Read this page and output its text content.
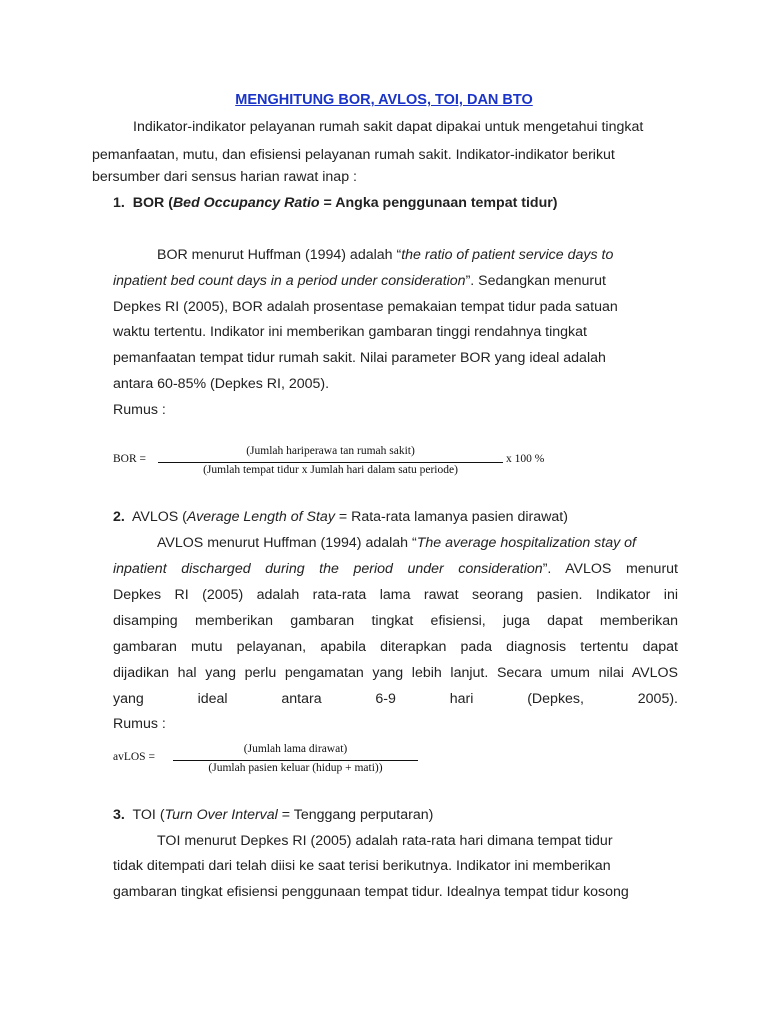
MENGHITUNG BOR, AVLOS, TOI, DAN BTO
Indikator-indikator pelayanan rumah sakit dapat dipakai untuk mengetahui tingkat
pemanfaatan, mutu, dan efisiensi pelayanan rumah sakit. Indikator-indikator berikut
bersumber dari sensus harian rawat inap :
1. BOR (Bed Occupancy Ratio = Angka penggunaan tempat tidur)
BOR menurut Huffman (1994) adalah “the ratio of patient service days to
inpatient bed count days in a period under consideration”. Sedangkan menurut
Depkes RI (2005), BOR adalah prosentase pemakaian tempat tidur pada satuan
waktu tertentu. Indikator ini memberikan gambaran tinggi rendahnya tingkat
pemanfaatan tempat tidur rumah sakit. Nilai parameter BOR yang ideal adalah
antara 60-85% (Depkes RI, 2005).
Rumus :
BOR =
(Jumlah hariperawa tan rumah sakit)
(Jumlah tempat tidur x Jumlah hari dalam satu periode)
x 100 %
2. AVLOS (Average Length of Stay = Rata-rata lamanya pasien dirawat)
AVLOS menurut Huffman (1994) adalah “The average hospitalization stay of
inpatient discharged during the period under consideration”. AVLOS menurut
Depkes RI (2005) adalah rata-rata lama rawat seorang pasien. Indikator ini
disamping memberikan gambaran tingkat efisiensi, juga dapat memberikan
gambaran mutu pelayanan, apabila diterapkan pada diagnosis tertentu dapat
dijadikan hal yang perlu pengamatan yang lebih lanjut. Secara umum nilai AVLOS
yang ideal antara 6-9 hari (Depkes, 2005).
Rumus :
avLOS =
(Jumlah lama dirawat)
(Jumlah pasien keluar (hidup + mati))
3. TOI (Turn Over Interval = Tenggang perputaran)
TOI menurut Depkes RI (2005) adalah rata-rata hari dimana tempat tidur
tidak ditempati dari telah diisi ke saat terisi berikutnya. Indikator ini memberikan
gambaran tingkat efisiensi penggunaan tempat tidur. Idealnya tempat tidur kosong
